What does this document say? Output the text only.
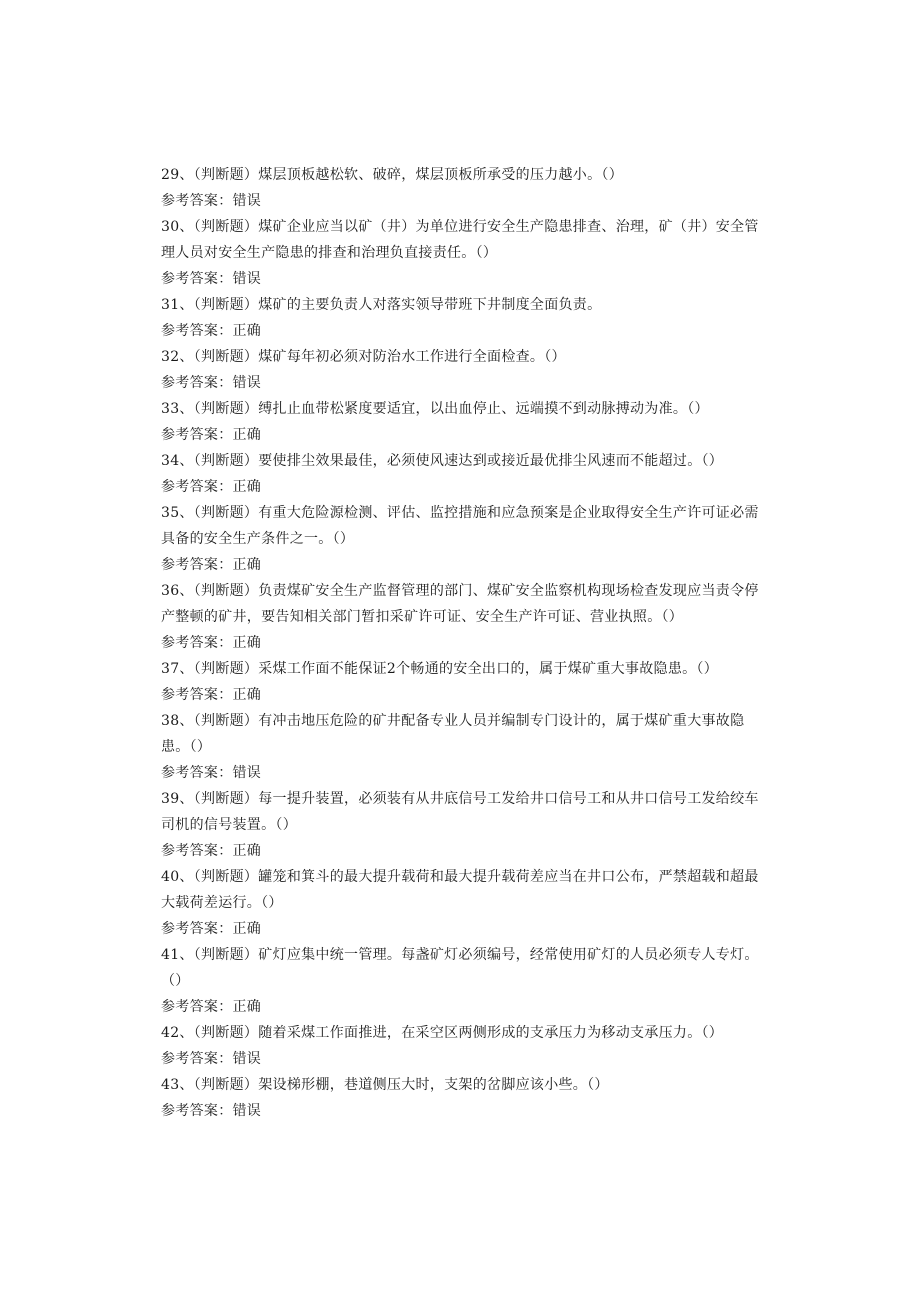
29、（判断题）煤层顶板越松软、破碎，煤层顶板所承受的压力越小。（）

参考答案：错误

30、（判断题）煤矿企业应当以矿（井）为单位进行安全生产隐患排查、治理，矿（井）安全管理人员对安全生产隐患的排查和治理负直接责任。（）

参考答案：错误

31、（判断题）煤矿的主要负责人对落实领导带班下井制度全面负责。

参考答案：正确

32、（判断题）煤矿每年初必须对防治水工作进行全面检查。（）

参考答案：错误

33、（判断题）缚扎止血带松紧度要适宜，以出血停止、远端摸不到动脉搏动为准。（）

参考答案：正确

34、（判断题）要使排尘效果最佳，必须使风速达到或接近最优排尘风速而不能超过。（）

参考答案：正确

35、（判断题）有重大危险源检测、评估、监控措施和应急预案是企业取得安全生产许可证必需具备的安全生产条件之一。（）

参考答案：正确

36、（判断题）负责煤矿安全生产监督管理的部门、煤矿安全监察机构现场检查发现应当责令停产整顿的矿井，要告知相关部门暂扣采矿许可证、安全生产许可证、营业执照。（）

参考答案：正确

37、（判断题）采煤工作面不能保证2个畅通的安全出口的，属于煤矿重大事故隐患。（）

参考答案：正确

38、（判断题）有冲击地压危险的矿井配备专业人员并编制专门设计的，属于煤矿重大事故隐患。（）

参考答案：错误

39、（判断题）每一提升装置，必须装有从井底信号工发给井口信号工和从井口信号工发给绞车司机的信号装置。（）

参考答案：正确

40、（判断题）罐笼和箕斗的最大提升载荷和最大提升载荷差应当在井口公布，严禁超载和超最大载荷差运行。（）

参考答案：正确

41、（判断题）矿灯应集中统一管理。每盏矿灯必须编号，经常使用矿灯的人员必须专人专灯。（）

参考答案：正确

42、（判断题）随着采煤工作面推进，在采空区两侧形成的支承压力为移动支承压力。（）

参考答案：错误

43、（判断题）架设梯形棚，巷道侧压大时，支架的岔脚应该小些。（）

参考答案：错误
